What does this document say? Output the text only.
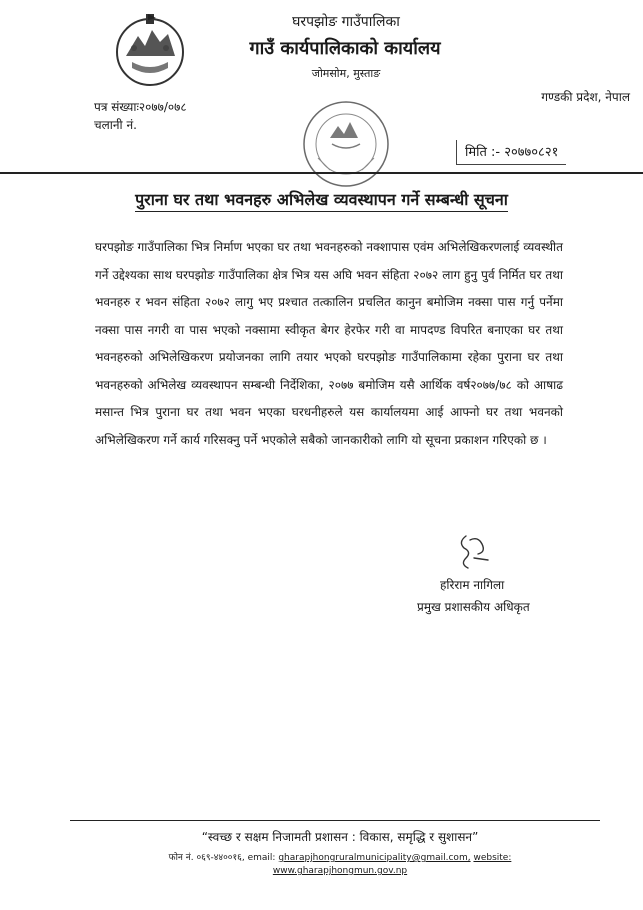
घरपझोङ गाउँपालिका
गाउँ कार्यपालिकाको कार्यालय
जोमसोम, मुस्ताङ
गण्डकी प्रदेश, नेपाल
पत्र संख्याः२०७७/०७८
चलानी नं.
मिति :- २०७७०८२१
पुराना घर तथा भवनहरु अभिलेख व्यवस्थापन गर्ने सम्बन्धी सूचना
घरपझोङ गाउँपालिका भित्र निर्माण भएका घर तथा भवनहरुको नक्शापास एवंम अभिलेखिकरणलाई व्यवस्थीत गर्ने उद्देश्यका साथ घरपझोङ गाउँपालिका क्षेत्र भित्र यस अघि भवन संहिता २०७२ लाग हुनु पुर्व निर्मित घर तथा भवनहरु र भवन संहिता २०७२ लागु भए प्रश्चात तत्कालिन प्रचलित कानुन बमोजिम नक्सा पास गर्नु पर्नेमा नक्सा पास नगरी वा पास भएको नक्सामा स्वीकृत बेगर हेरफेर गरी वा मापदण्ड विपरित बनाएका घर तथा भवनहरुको अभिलेखिकरण प्रयोजनका लागि तयार भएको घरपझोङ गाउँपालिकामा रहेका पुराना घर तथा भवनहरुको अभिलेख व्यवस्थापन सम्बन्धी निर्देशिका, २०७७ बमोजिम यसै आर्थिक वर्ष२०७७/७८ को आषाढ मसान्त भित्र पुराना घर तथा भवन भएका घरधनीहरुले यस कार्यालयमा आई आफ्नो घर तथा भवनको अभिलेखिकरण गर्ने कार्य गरिसक्नु पर्ने भएकोले सबैको जानकारीको लागि यो सूचना प्रकाशन गरिएको छ ।
हरिराम नागिला
प्रमुख प्रशासकीय अधिकृत
“स्वच्छ र सक्षम निजामती प्रशासन : विकास, समृद्धि र सुशासन”
फोन नं. ०६९-४४००१६, email: gharapjhongruralmunicipality@gmail.com, website:
www.gharapjhongmun.gov.np
